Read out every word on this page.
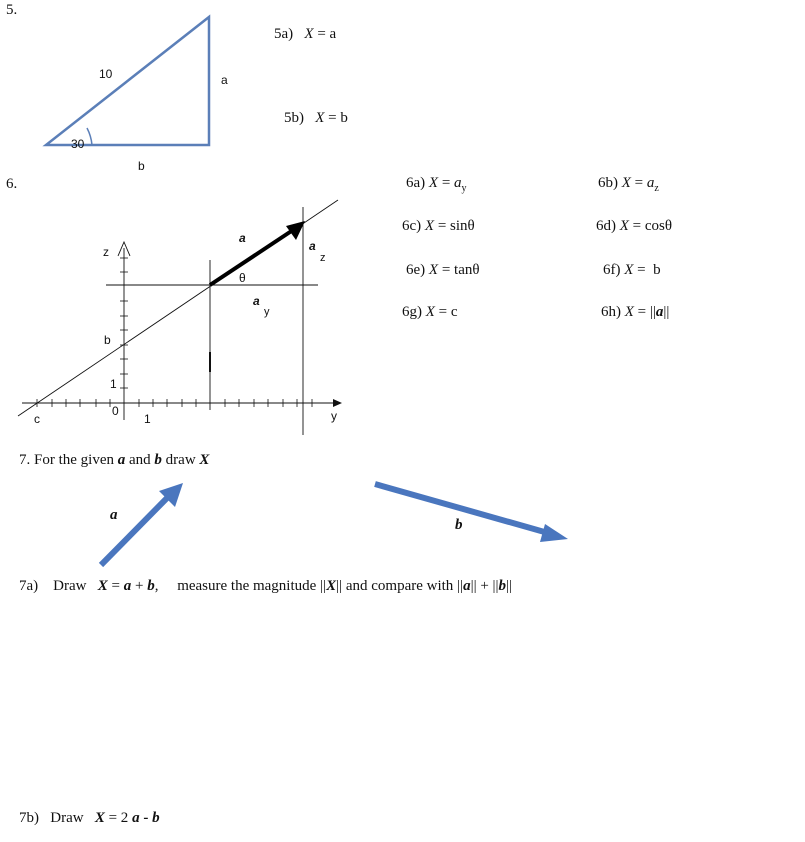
5.
10	a
b
30
z
y
b
1
0
1
c
a
θ
a
z
a
y
5a) X = a
5b) X = b
6.	6a) $X = a_y$	6b) $X = a_z$
6c) X = sinθ	6d) X = cosθ
6e) X = tanθ	6f) X =  b
6g) X = c	6h) X = ||a||
7. For the given a and b draw X
a
b
7a) Draw X = a + b, measure the magnitude ||X|| and compare with ||a|| + ||b||
7b) Draw X = 2 a - b
